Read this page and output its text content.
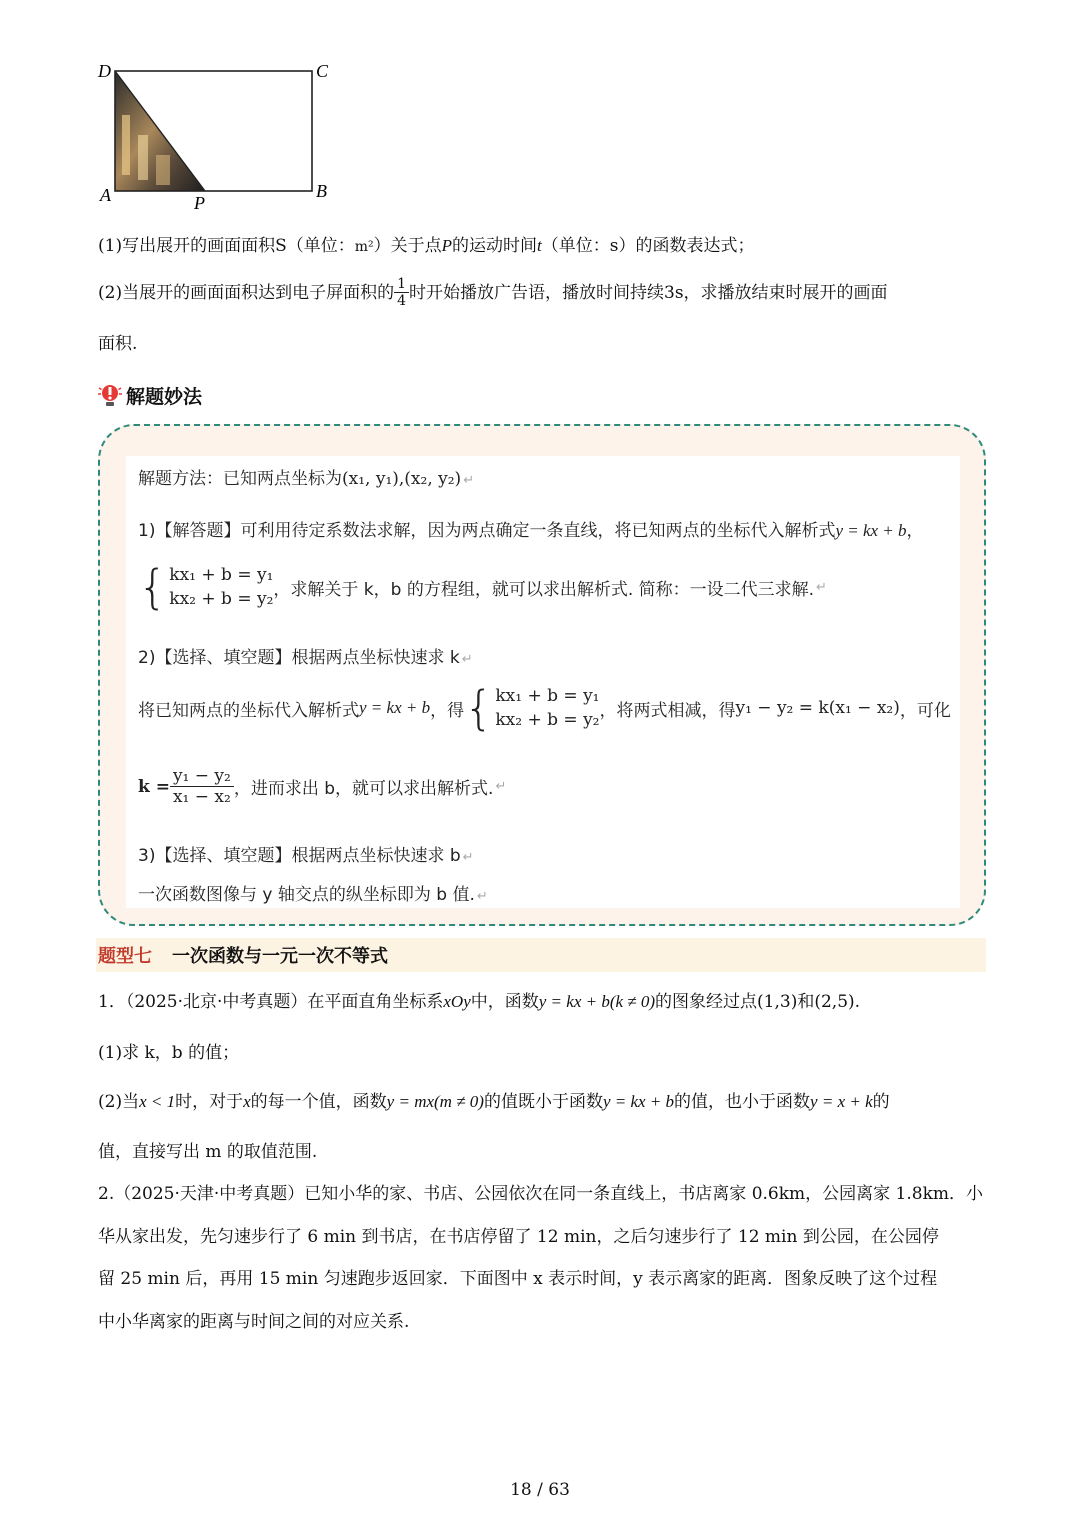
D	C
A	B
P
(1)写出展开的画面面积S（单位：m²）关于点P的运动时间t（单位：s）的函数表达式；
(2)当展开的画面面积达到电子屏面积的 $\frac{1}{4}$ 时开始播放广告语，播放时间持续3s，求播放结束时展开的画面
面积.
解题妙法
解题方法：已知两点坐标为(x₁, y₁),(x₂, y₂) ↵
1)【解答题】可利用待定系数法求解，因为两点确定一条直线，将已知两点的坐标代入解析式y = kx + b，
{ kx₁ + b = y₁
kx₂ + b = y₂ ，求解关于 k，b 的方程组，就可以求出解析式. 简称：一设二代三求解. ↵
2)【选择、填空题】根据两点坐标快速求 k ↵
将已知两点的坐标代入解析式 y = kx + b ，得 { kx₁ + b = y₁
kx₂ + b = y₂ ，将两式相减，得 y₁ − y₂ = k(x₁ − x₂) ，可化
$k = \frac{\text{y₁ − y₂}}{\text{x₁ − x₂}}$ ，进而求出 b，就可以求出解析式. ↵
3)【选择、填空题】根据两点坐标快速求 b ↵
一次函数图像与 y 轴交点的纵坐标即为 b 值. ↵
题型七 一次函数与一元一次不等式
1．（2025·北京·中考真题）在平面直角坐标系xOy中，函数y = kx + b(k ≠ 0)的图象经过点(1,3)和(2,5).
(1)求 k，b 的值；
(2)当x < 1时，对于x的每一个值，函数y = mx(m ≠ 0)的值既小于函数y = kx + b的值，也小于函数y = x + k的
值，直接写出 m 的取值范围.
2.（2025·天津·中考真题）已知小华的家、书店、公园依次在同一条直线上，书店离家 0.6km，公园离家 1.8km．小
华从家出发，先匀速步行了 6 min 到书店，在书店停留了 12 min，之后匀速步行了 12 min 到公园，在公园停
留 25 min 后，再用 15 min 匀速跑步返回家．下面图中 x 表示时间，y 表示离家的距离．图象反映了这个过程
中小华离家的距离与时间之间的对应关系.
18 / 63
